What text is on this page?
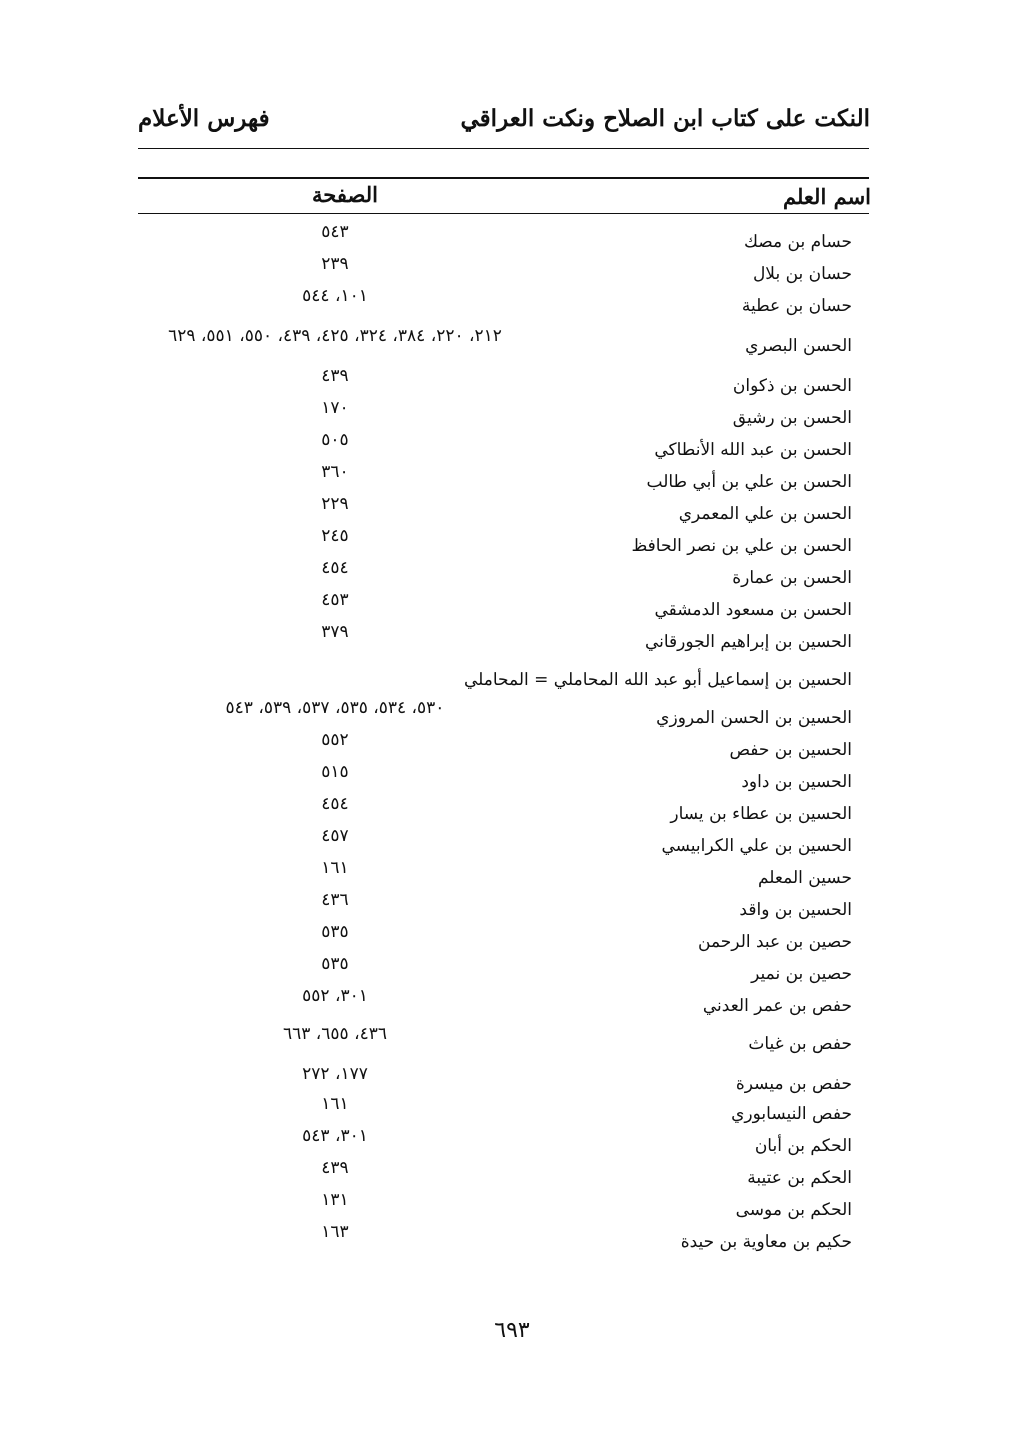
النكت على كتاب ابن الصلاح ونكت العراقي
فهرس الأعلام
اسم العلم
الصفحة
حسام بن مصك
٥٤٣
حسان بن بلال
٢٣٩
حسان بن عطية
١٠١، ٥٤٤
الحسن البصري
٢١٢، ٢٢٠، ٣٨٤، ٣٢٤، ٤٢٥، ٤٣٩، ٥٥٠، ٥٥١، ٦٢٩
الحسن بن ذكوان
٤٣٩
الحسن بن رشيق
١٧٠
الحسن بن عبد الله الأنطاكي
٥٠٥
الحسن بن علي بن أبي طالب
٣٦٠
الحسن بن علي المعمري
٢٢٩
الحسن بن علي بن نصر الحافظ
٢٤٥
الحسن بن عمارة
٤٥٤
الحسن بن مسعود الدمشقي
٤٥٣
الحسين بن إبراهيم الجورقاني
٣٧٩
الحسين بن إسماعيل أبو عبد الله المحاملي = المحاملي
الحسين بن الحسن المروزي
٥٣٠، ٥٣٤، ٥٣٥، ٥٣٧، ٥٣٩، ٥٤٣
الحسين بن حفص
٥٥٢
الحسين بن داود
٥١٥
الحسين بن عطاء بن يسار
٤٥٤
الحسين بن علي الكرابيسي
٤٥٧
حسين المعلم
١٦١
الحسين بن واقد
٤٣٦
حصين بن عبد الرحمن
٥٣٥
حصين بن نمير
٥٣٥
حفص بن عمر العدني
٣٠١، ٥٥٢
حفص بن غياث
٤٣٦، ٦٥٥، ٦٦٣
حفص بن ميسرة
١٧٧، ٢٧٢
حفص النيسابوري
١٦١
الحكم بن أبان
٣٠١، ٥٤٣
الحكم بن عتيبة
٤٣٩
الحكم بن موسى
١٣١
حكيم بن معاوية بن حيدة
١٦٣
٦٩٣
